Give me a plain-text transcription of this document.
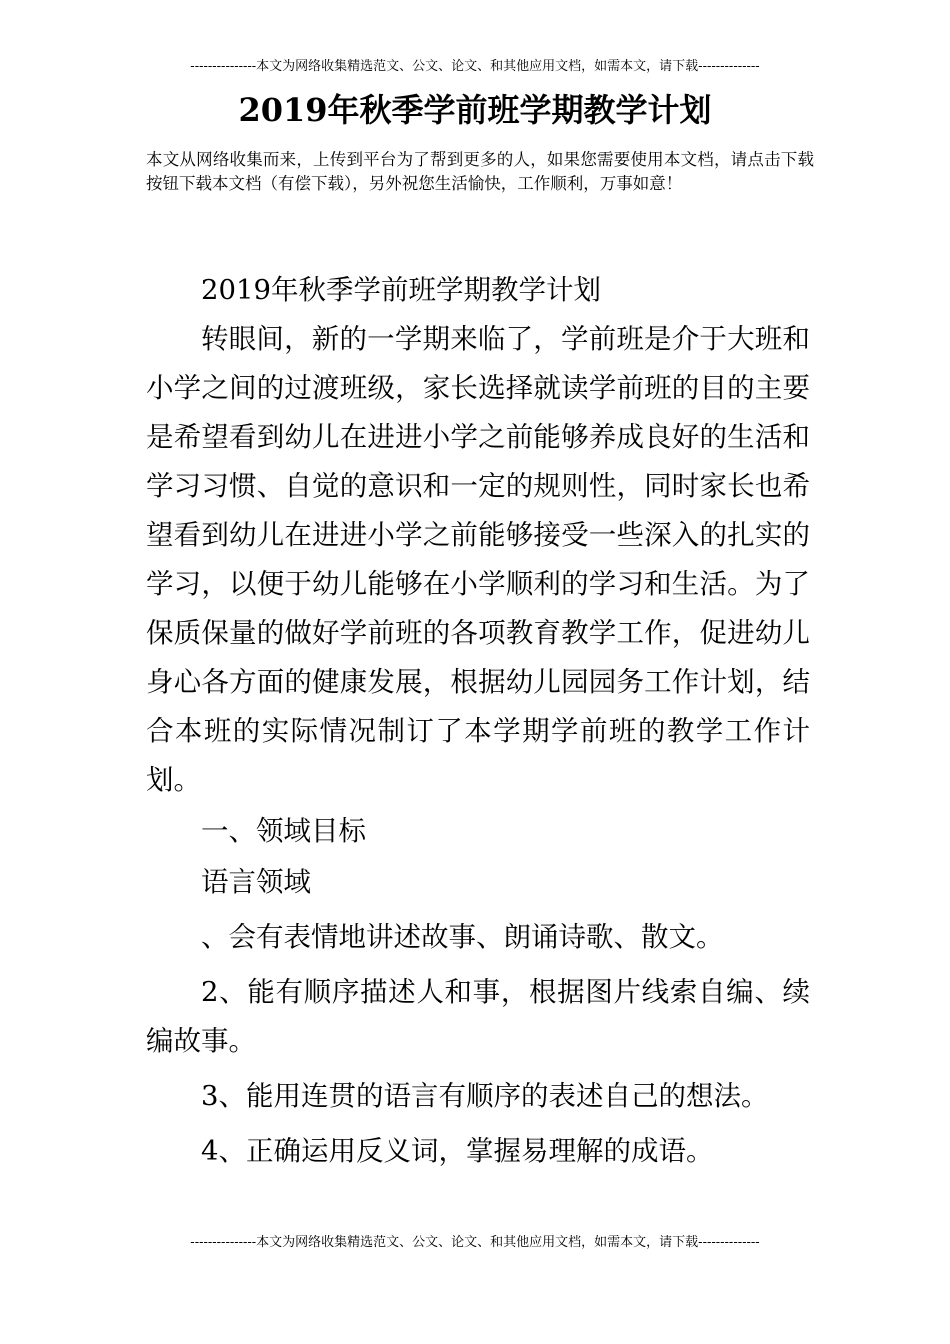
---------------本文为网络收集精选范文、公文、论文、和其他应用文档，如需本文，请下载--------------
2019年秋季学前班学期教学计划
本文从网络收集而来，上传到平台为了帮到更多的人，如果您需要使用本文档，请点击下载按钮下载本文档（有偿下载），另外祝您生活愉快，工作顺利，万事如意！

2019年秋季学前班学期教学计划

转眼间，新的一学期来临了，学前班是介于大班和小学之间的过渡班级，家长选择就读学前班的目的主要是希望看到幼儿在进进小学之前能够养成良好的生活和学习习惯、自觉的意识和一定的规则性，同时家长也希望看到幼儿在进进小学之前能够接受一些深入的扎实的学习，以便于幼儿能够在小学顺利的学习和生活。为了保质保量的做好学前班的各项教育教学工作，促进幼儿身心各方面的健康发展，根据幼儿园园务工作计划，结合本班的实际情况制订了本学期学前班的教学工作计划。

一、领域目标

语言领域

、会有表情地讲述故事、朗诵诗歌、散文。

2、能有顺序描述人和事，根据图片线索自编、续编故事。

3、能用连贯的语言有顺序的表述自己的想法。

4、正确运用反义词，掌握易理解的成语。

---------------本文为网络收集精选范文、公文、论文、和其他应用文档，如需本文，请下载--------------
